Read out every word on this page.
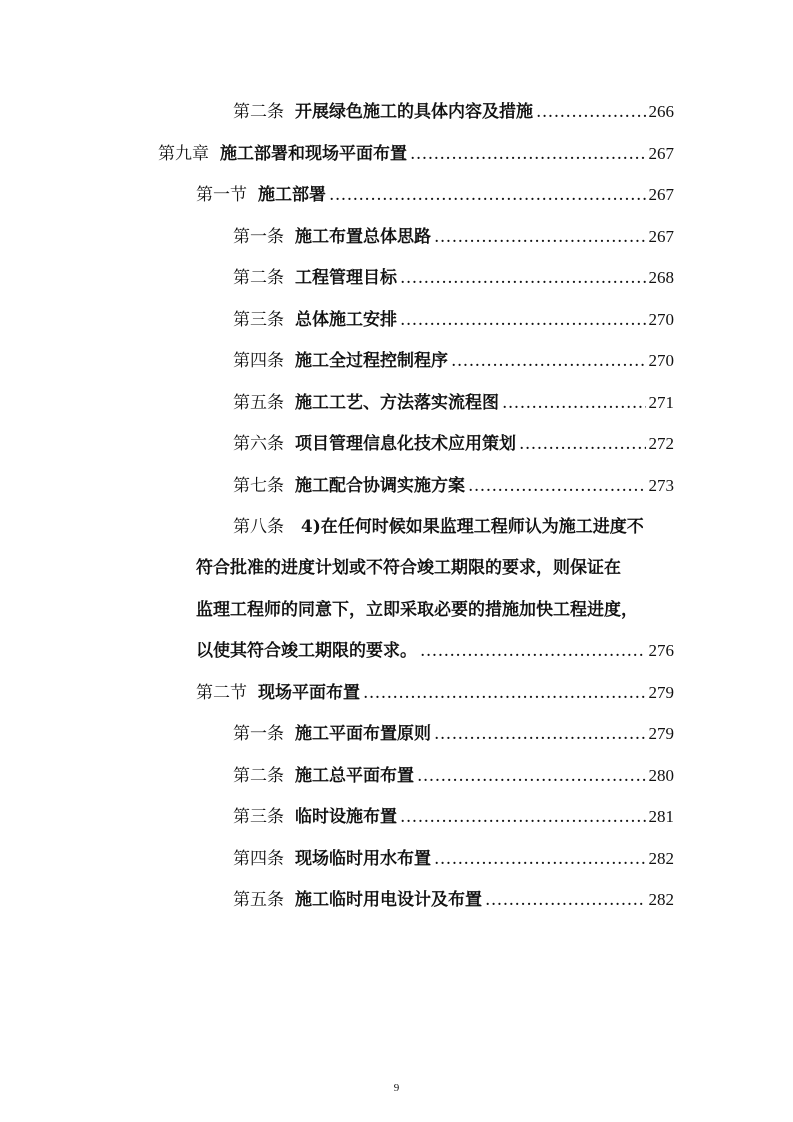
第二条 开展绿色施工的具体内容及措施 .....	266
第九章 施工部署和现场平面布置 .....	267
第一节 施工部署 .....	267
第一条 施工布置总体思路 .....	267
第二条 工程管理目标 .....	268
第三条 总体施工安排 .....	270
第四条 施工全过程控制程序 .....	270
第五条 施工工艺、方法落实流程图 .....	271
第六条 项目管理信息化技术应用策划 .....	272
第七条 施工配合协调实施方案 .....	273
第八条 4)在任何时候如果监理工程师认为施工进度不
符合批准的进度计划或不符合竣工期限的要求，则保证在
监理工程师的同意下，立即采取必要的措施加快工程进度，
以使其符合竣工期限的要求。 .....	276
第二节 现场平面布置 .....	279
第一条 施工平面布置原则 .....	279
第二条 施工总平面布置 .....	280
第三条 临时设施布置 .....	281
第四条 现场临时用水布置 .....	282
第五条 施工临时用电设计及布置 .....	282
9
